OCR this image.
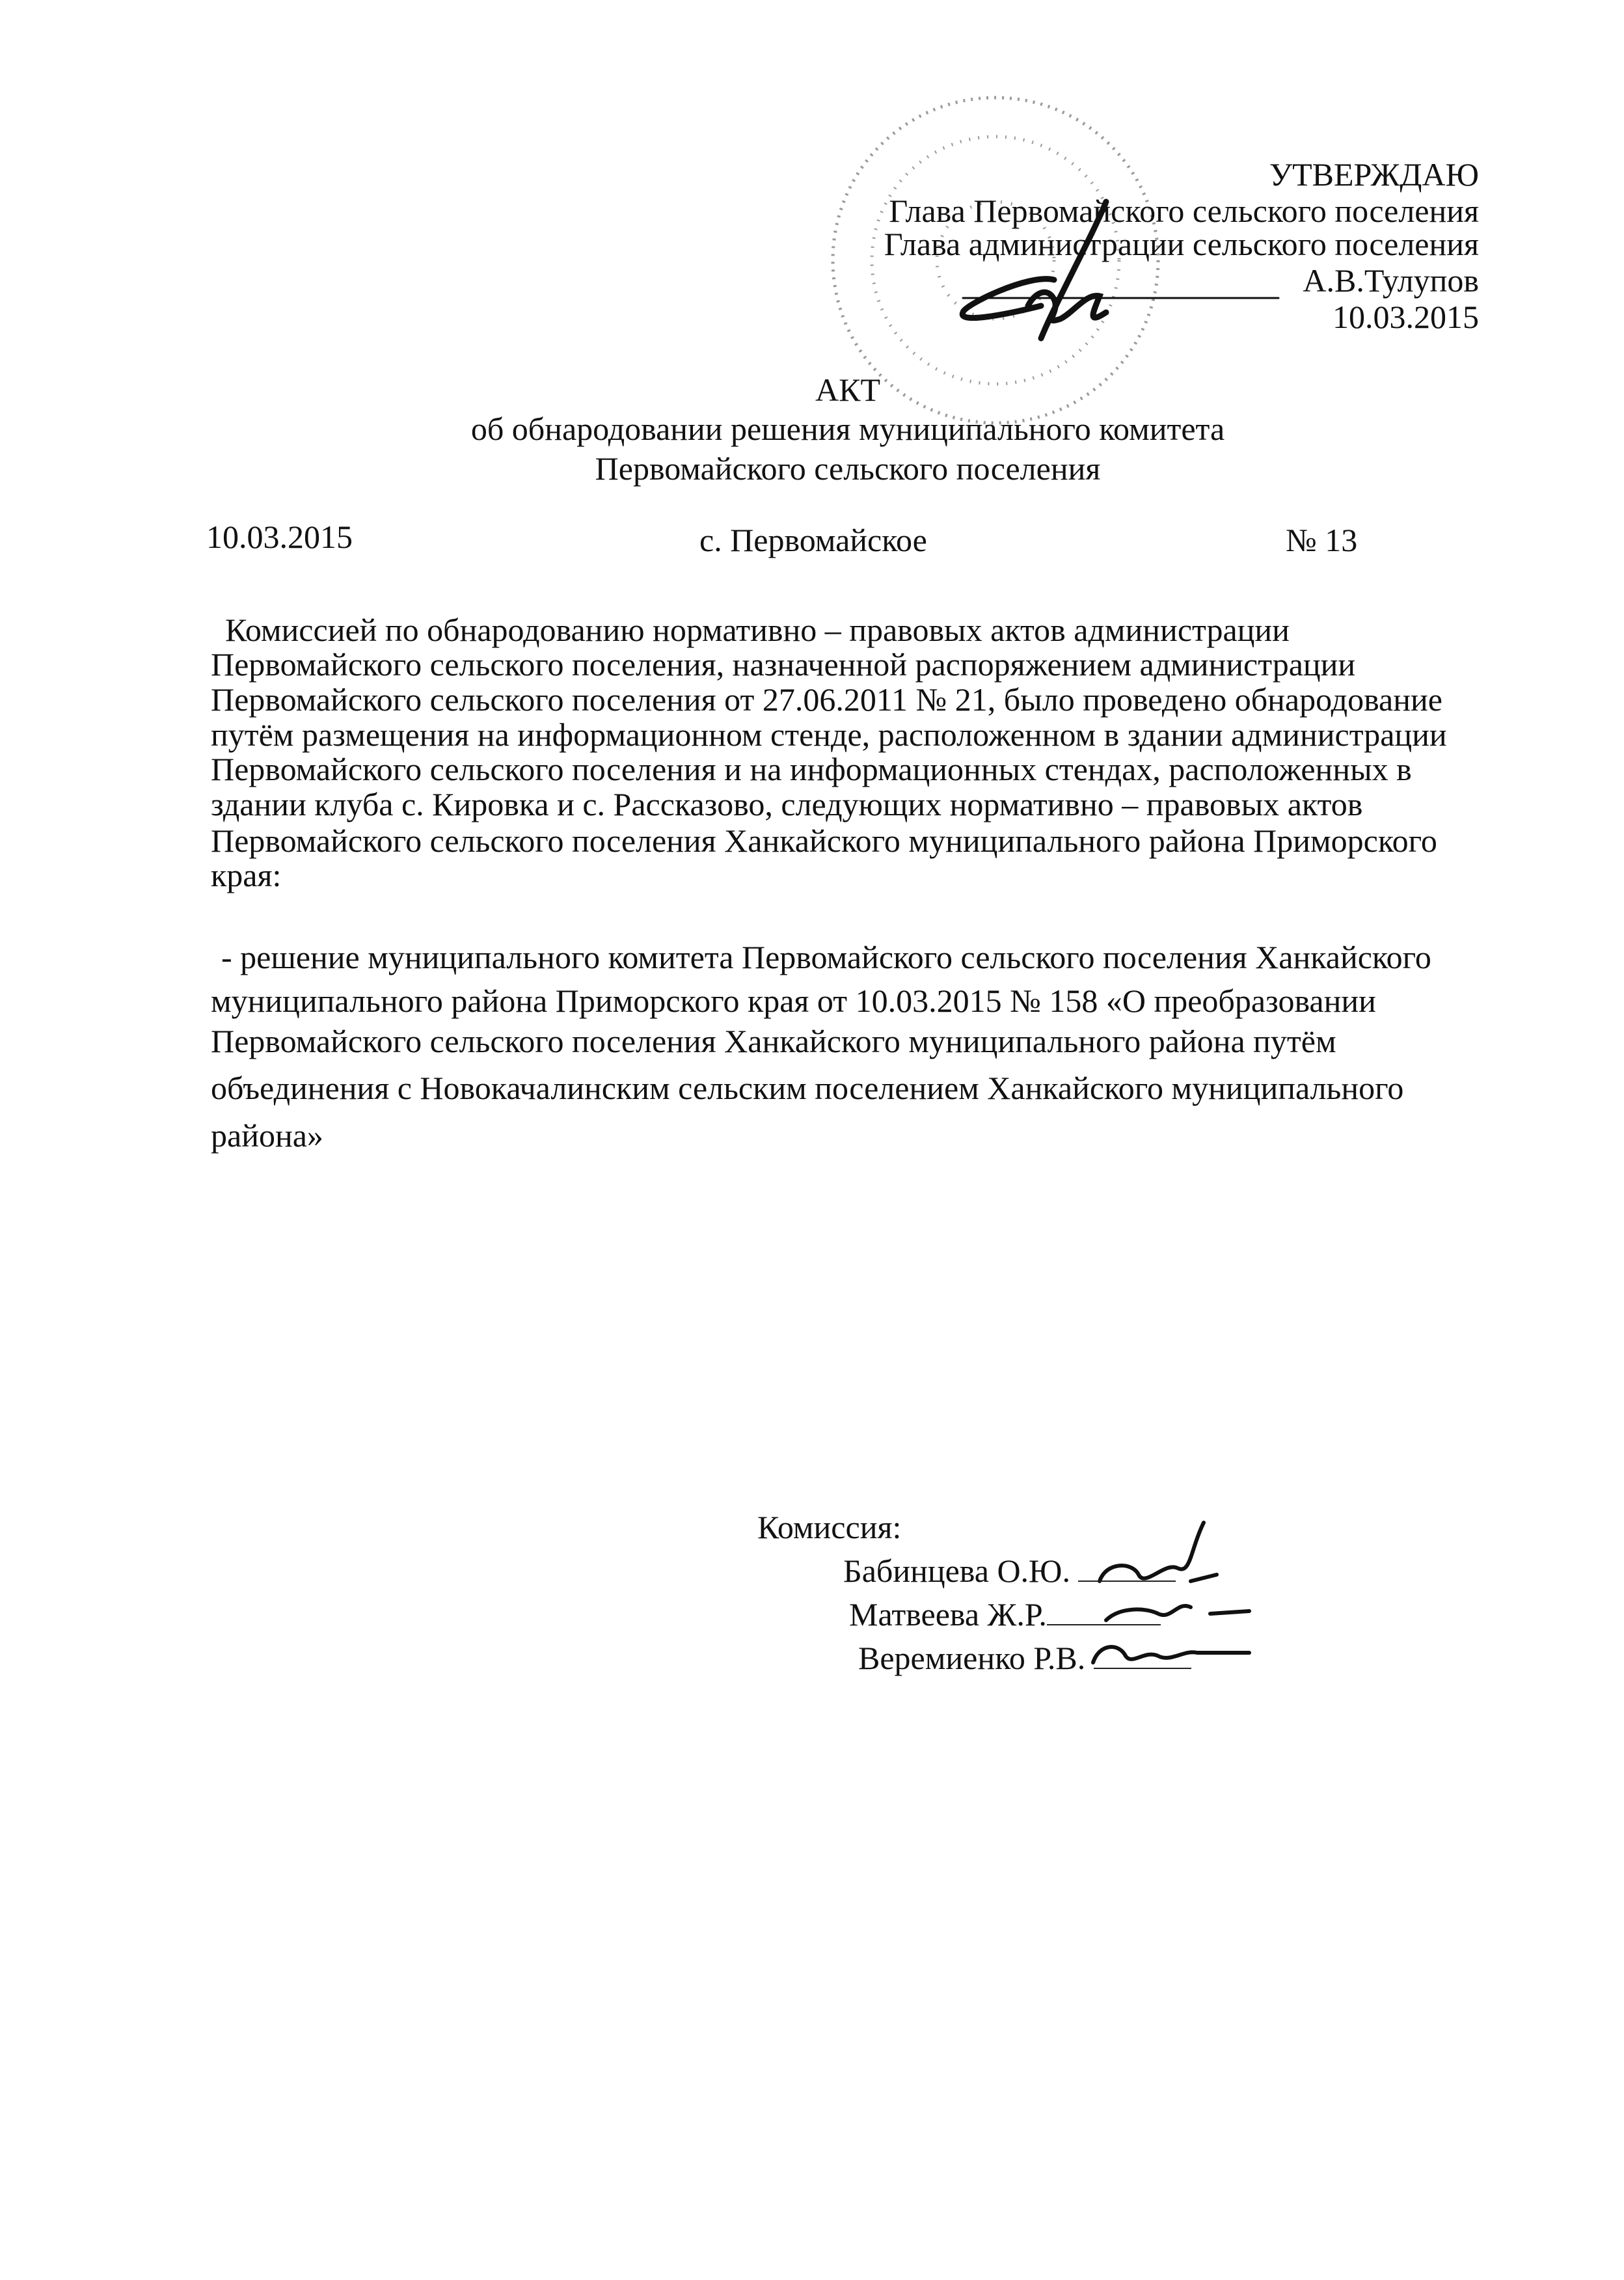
УТВЕРЖДАЮ
Глава Первомайского сельского поселения
Глава администрации сельского поселения
А.В.Тулупов
10.03.2015
АКТ
об обнародовании решения муниципального комитета
Первомайского сельского поселения
10.03.2015	с. Первомайское	№ 13
Комиссией по обнародованию нормативно – правовых актов администрации
Первомайского сельского поселения, назначенной распоряжением администрации
Первомайского сельского поселения от 27.06.2011 № 21, было проведено обнародование
путём размещения на информационном стенде, расположенном в здании администрации
Первомайского сельского поселения и на информационных стендах, расположенных в
здании клуба с. Кировка и с. Рассказово, следующих нормативно – правовых актов
Первомайского сельского поселения Ханкайского муниципального района Приморского
края:
- решение муниципального комитета Первомайского сельского поселения Ханкайского
муниципального района Приморского края от 10.03.2015 № 158 «О преобразовании
Первомайского сельского поселения Ханкайского муниципального района путём
объединения с Новокачалинским сельским поселением Ханкайского муниципального
района»
Комиссия:
Бабинцева О.Ю.
Матвеева Ж.Р.
Веремиенко Р.В.
